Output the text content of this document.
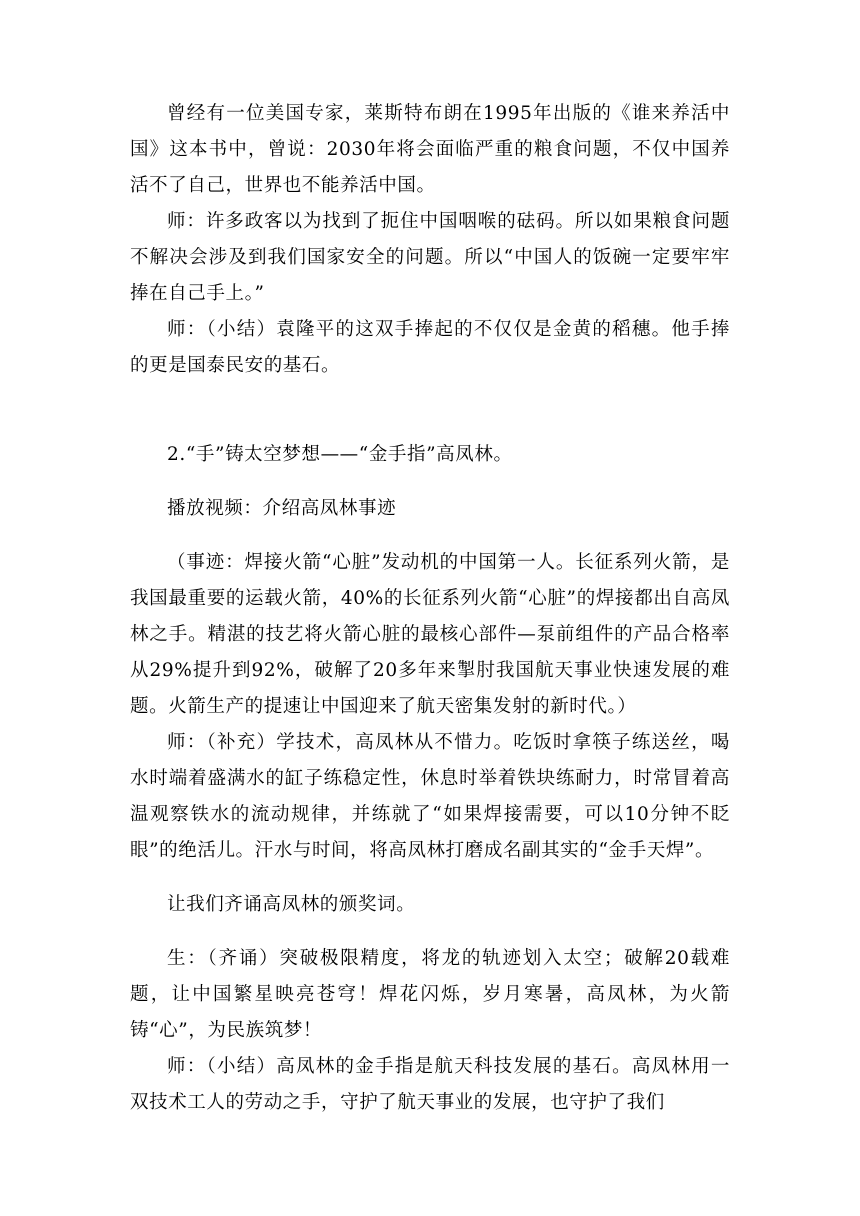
曾经有一位美国专家，莱斯特布朗在1995年出版的《谁来养活中国》这本书中，曾说：2030年将会面临严重的粮食问题，不仅中国养活不了自己，世界也不能养活中国。

师：许多政客以为找到了扼住中国咽喉的砝码。所以如果粮食问题不解决会涉及到我们国家安全的问题。所以“中国人的饭碗一定要牢牢捧在自己手上。”

师：（小结）袁隆平的这双手捧起的不仅仅是金黄的稻穗。他手捧的更是国泰民安的基石。

2.“手”铸太空梦想——“金手指”高凤林。

播放视频：介绍高凤林事迹

（事迹：焊接火箭“心脏”发动机的中国第一人。长征系列火箭，是我国最重要的运载火箭，40%的长征系列火箭“心脏”的焊接都出自高凤林之手。精湛的技艺将火箭心脏的最核心部件—泵前组件的产品合格率从29%提升到92%，破解了20多年来掣肘我国航天事业快速发展的难题。火箭生产的提速让中国迎来了航天密集发射的新时代。）

师：（补充）学技术，高凤林从不惜力。吃饭时拿筷子练送丝，喝水时端着盛满水的缸子练稳定性，休息时举着铁块练耐力，时常冒着高温观察铁水的流动规律，并练就了“如果焊接需要，可以10分钟不眨眼”的绝活儿。汗水与时间，将高凤林打磨成名副其实的“金手天焊”。

让我们齐诵高凤林的颁奖词。

生：（齐诵）突破极限精度，将龙的轨迹划入太空；破解20载难题，让中国繁星映亮苍穹！焊花闪烁，岁月寒暑，高凤林，为火箭铸“心”，为民族筑梦！

师：（小结）高凤林的金手指是航天科技发展的基石。高凤林用一双技术工人的劳动之手，守护了航天事业的发展，也守护了我们
